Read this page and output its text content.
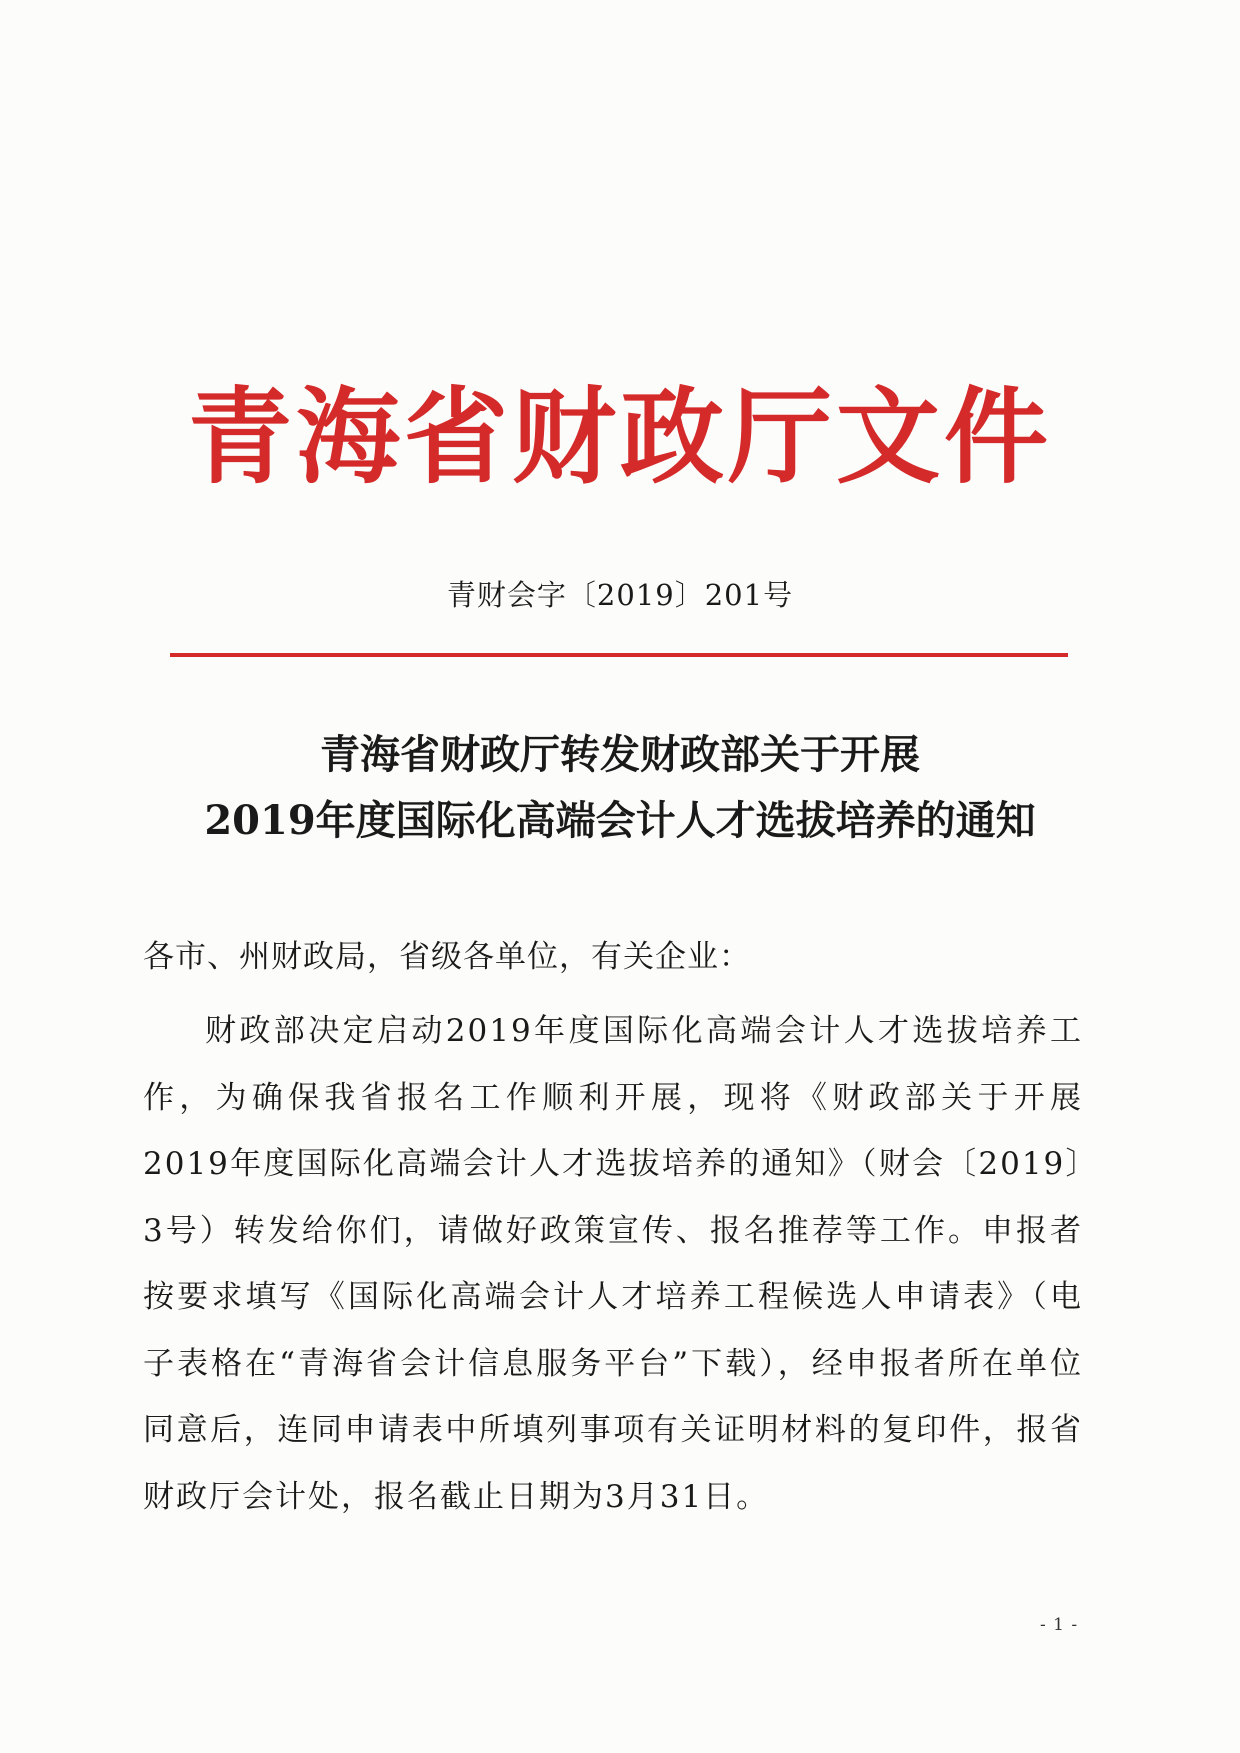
青海省财政厅文件
青财会字〔2019〕201号
青海省财政厅转发财政部关于开展
2019年度国际化高端会计人才选拔培养的通知
各市、州财政局，省级各单位，有关企业：

财政部决定启动2019年度国际化高端会计人才选拔培养工作，为确保我省报名工作顺利开展，现将《财政部关于开展2019年度国际化高端会计人才选拔培养的通知》（财会〔2019〕3号）转发给你们，请做好政策宣传、报名推荐等工作。申报者按要求填写《国际化高端会计人才培养工程候选人申请表》（电子表格在“青海省会计信息服务平台”下载），经申报者所在单位同意后，连同申请表中所填列事项有关证明材料的复印件，报省财政厅会计处，报名截止日期为3月31日。

- 1 -
